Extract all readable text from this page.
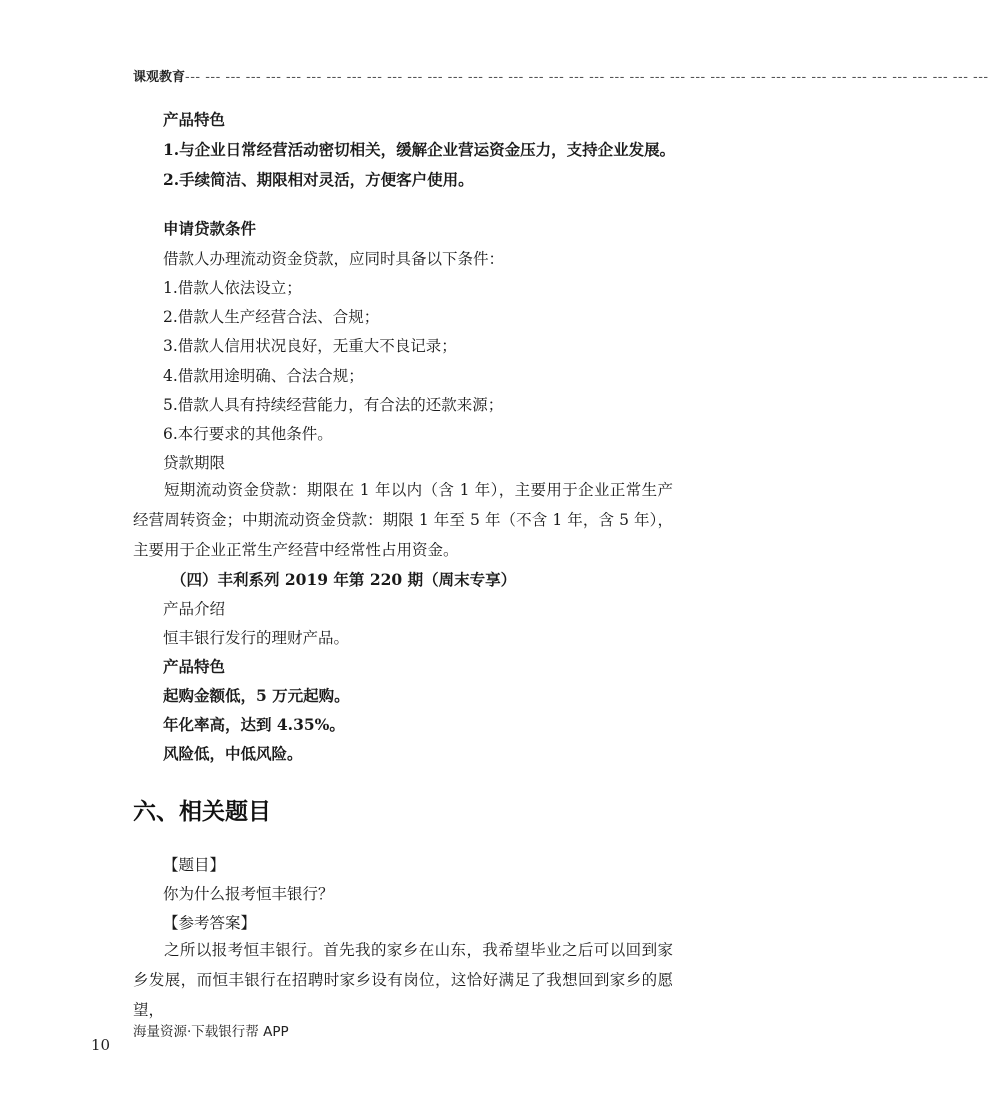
课观教育--- --- --- --- --- --- --- --- --- --- --- --- --- --- --- --- --- --- --- --- --- --- --- --- --- --- --- --- --- --- --- --- --- --- --- --- --- --- --- ---
产品特色
1.与企业日常经营活动密切相关，缓解企业营运资金压力，支持企业发展。
2.手续简洁、期限相对灵活，方便客户使用。
申请贷款条件
借款人办理流动资金贷款，应同时具备以下条件：
1.借款人依法设立；
2.借款人生产经营合法、合规；
3.借款人信用状况良好，无重大不良记录；
4.借款用途明确、合法合规；
5.借款人具有持续经营能力，有合法的还款来源；
6.本行要求的其他条件。
贷款期限
短期流动资金贷款：期限在 1 年以内（含 1 年），主要用于企业正常生产经营周转资金；中期流动资金贷款：期限 1 年至 5 年（不含 1 年，含 5 年），主要用于企业正常生产经营中经常性占用资金。
（四）丰利系列 2019 年第 220 期（周末专享）
产品介绍
恒丰银行发行的理财产品。
产品特色
起购金额低，5 万元起购。
年化率高，达到 4.35%。
风险低，中低风险。
六、相关题目
【题目】
你为什么报考恒丰银行？
【参考答案】
之所以报考恒丰银行。首先我的家乡在山东，我希望毕业之后可以回到家乡发展，而恒丰银行在招聘时家乡设有岗位，这恰好满足了我想回到家乡的愿望，
海量资源·下载银行帮 APP
10
